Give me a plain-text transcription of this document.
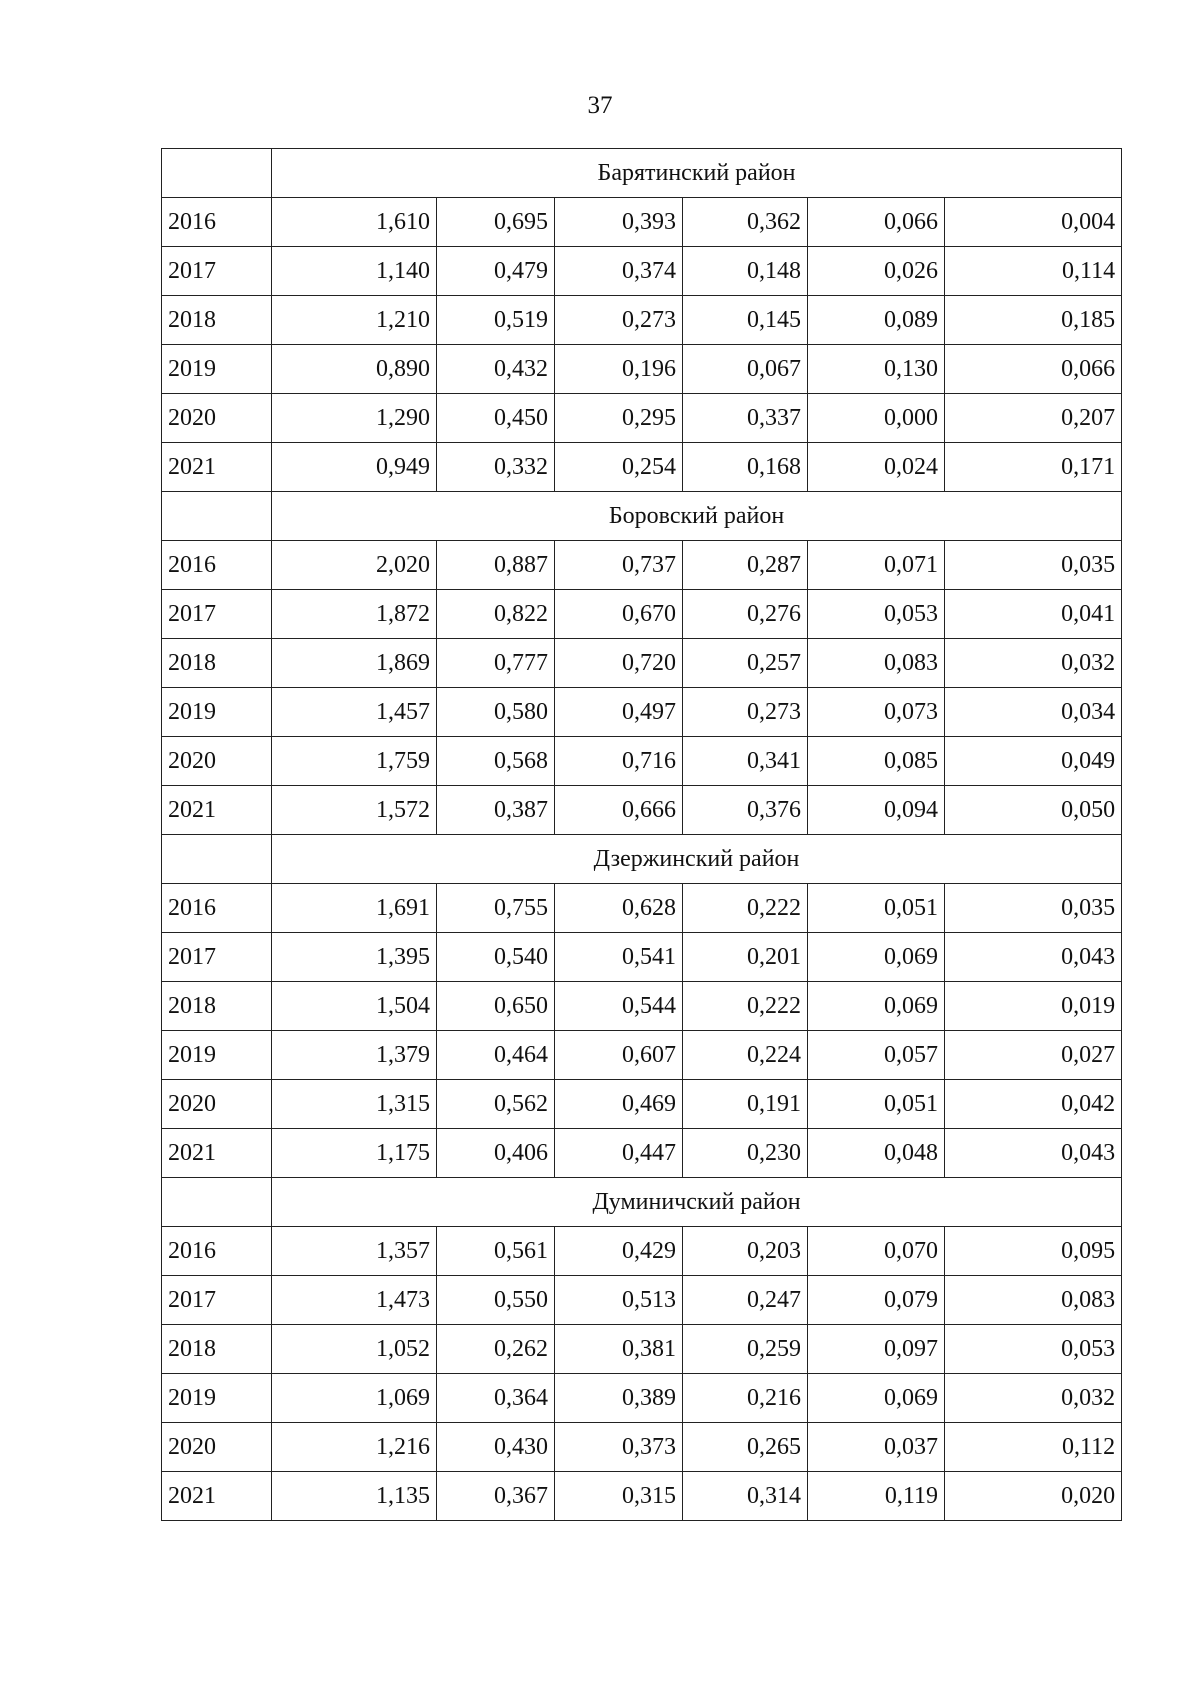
37
	Барятинский район					
2016	1,610	0,695	0,393	0,362	0,066	0,004
2017	1,140	0,479	0,374	0,148	0,026	0,114
2018	1,210	0,519	0,273	0,145	0,089	0,185
2019	0,890	0,432	0,196	0,067	0,130	0,066
2020	1,290	0,450	0,295	0,337	0,000	0,207
2021	0,949	0,332	0,254	0,168	0,024	0,171
	Боровский район					
2016	2,020	0,887	0,737	0,287	0,071	0,035
2017	1,872	0,822	0,670	0,276	0,053	0,041
2018	1,869	0,777	0,720	0,257	0,083	0,032
2019	1,457	0,580	0,497	0,273	0,073	0,034
2020	1,759	0,568	0,716	0,341	0,085	0,049
2021	1,572	0,387	0,666	0,376	0,094	0,050
	Дзержинский район					
2016	1,691	0,755	0,628	0,222	0,051	0,035
2017	1,395	0,540	0,541	0,201	0,069	0,043
2018	1,504	0,650	0,544	0,222	0,069	0,019
2019	1,379	0,464	0,607	0,224	0,057	0,027
2020	1,315	0,562	0,469	0,191	0,051	0,042
2021	1,175	0,406	0,447	0,230	0,048	0,043
	Думиничский район					
2016	1,357	0,561	0,429	0,203	0,070	0,095
2017	1,473	0,550	0,513	0,247	0,079	0,083
2018	1,052	0,262	0,381	0,259	0,097	0,053
2019	1,069	0,364	0,389	0,216	0,069	0,032
2020	1,216	0,430	0,373	0,265	0,037	0,112
2021	1,135	0,367	0,315	0,314	0,119	0,020
